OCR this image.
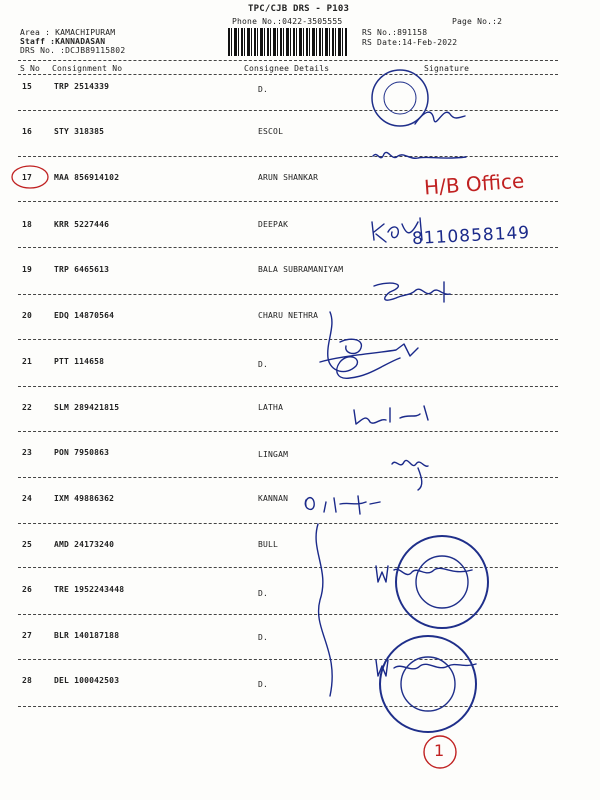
TPC/CJB DRS - P103
Phone No.:0422-3505555	Page No.:2
Area : KAMACHIPURAM
Staff :KANNADASAN
DRS No. :DCJB89115802
RS No.:891158
RS Date:14-Feb-2022
S No Consignment No	Consignee Details	Signature
15	TRP 2514339	D.
16	STY 318385	ESCOL
17	MAA 856914102	ARUN SHANKAR
18	KRR 5227446	DEEPAK
19	TRP 6465613	BALA SUBRAMANIYAM
20	EDQ 14870564	CHARU NETHRA
21	PTT 114658	D.
22	SLM 289421815	LATHA
23	PON 7950863	LINGAM
24	IXM 49886362	KANNAN
25	AMD 24173240	BULL
26	TRE 1952243448	D.
27	BLR 140187188	D.
28	DEL 100042503	D.
H/B Office
8110858149
1
